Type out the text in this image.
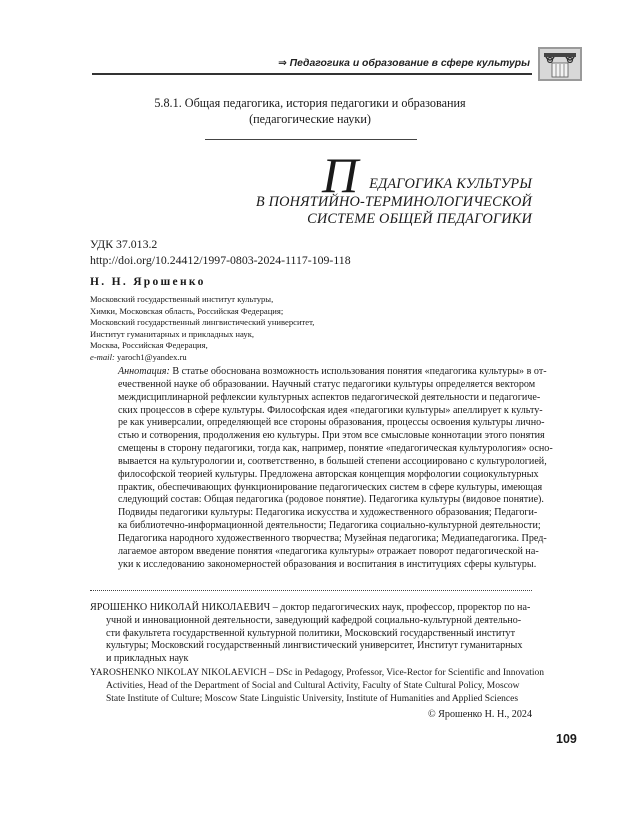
⇒ Педагогика и образование в сфере культуры
5.8.1. Общая педагогика, история педагогики и образования
(педагогические науки)
П ЕДАГОГИКА КУЛЬТУРЫ
В ПОНЯТИЙНО-ТЕРМИНОЛОГИЧЕСКОЙ
СИСТЕМЕ ОБЩЕЙ ПЕДАГОГИКИ
УДК 37.013.2
http://doi.org/10.24412/1997-0803-2024-1117-109-118
Н. Н. Ярошенко
Московский государственный институт культуры,
Химки, Московская область, Российская Федерация;
Московский государственный лингвистический университет,
Институт гуманитарных и прикладных наук,
Москва, Российская Федерация,
e-mail: yaroch1@yandex.ru
Аннотация: В статье обоснована возможность использования понятия «педагогика культуры» в от-
ечественной науке об образовании. Научный статус педагогики культуры определяется вектором
междисциплинарной рефлексии культурных аспектов педагогической деятельности и педагогиче-
ских процессов в сфере культуры. Философская идея «педагогики культуры» апеллирует к культу-
ре как универсалии, определяющей все стороны образования, процессы освоения культуры лично-
стью и сотворения, продолжения ею культуры. При этом все смысловые коннотации этого понятия
смещены в сторону педагогики, тогда как, например, понятие «педагогическая культурология» осно-
вывается на культурологии и, соответственно, в большей степени ассоциировано с культурологией,
философской теорией культуры. Предложена авторская концепция морфологии социокультурных
практик, обеспечивающих функционирование педагогических систем в сфере культуры, имеющая
следующий состав: Общая педагогика (родовое понятие). Педагогика культуры (видовое понятие).
Подвиды педагогики культуры: Педагогика искусства и художественного образования; Педагоги-
ка библиотечно-информационной деятельности; Педагогика социально-культурной деятельности;
Педагогика народного художественного творчества; Музейная педагогика; Медиапедагогика. Пред-
лагаемое автором введение понятия «педагогика культуры» отражает поворот педагогической на-
уки к исследованию закономерностей образования и воспитания в институциях сферы культуры.
ЯРОШЕНКО НИКОЛАЙ НИКОЛАЕВИЧ – доктор педагогических наук, профессор, проректор по на-
учной и инновационной деятельности, заведующий кафедрой социально-культурной деятельно-
сти факультета государственной культурной политики, Московский государственный институт
культуры; Московский государственный лингвистический университет, Институт гуманитарных
и прикладных наук
YAROSHENKO NIKOLAY NIKOLAEVICH – DSc in Pedagogy, Professor, Vice-Rector for Scientific and Innovation
Activities, Head of the Department of Social and Cultural Activity, Faculty of State Cultural Policy, Moscow
State Institute of Culture; Moscow State Linguistic University, Institute of Humanities and Applied Sciences
© Ярошенко Н. Н., 2024
109
